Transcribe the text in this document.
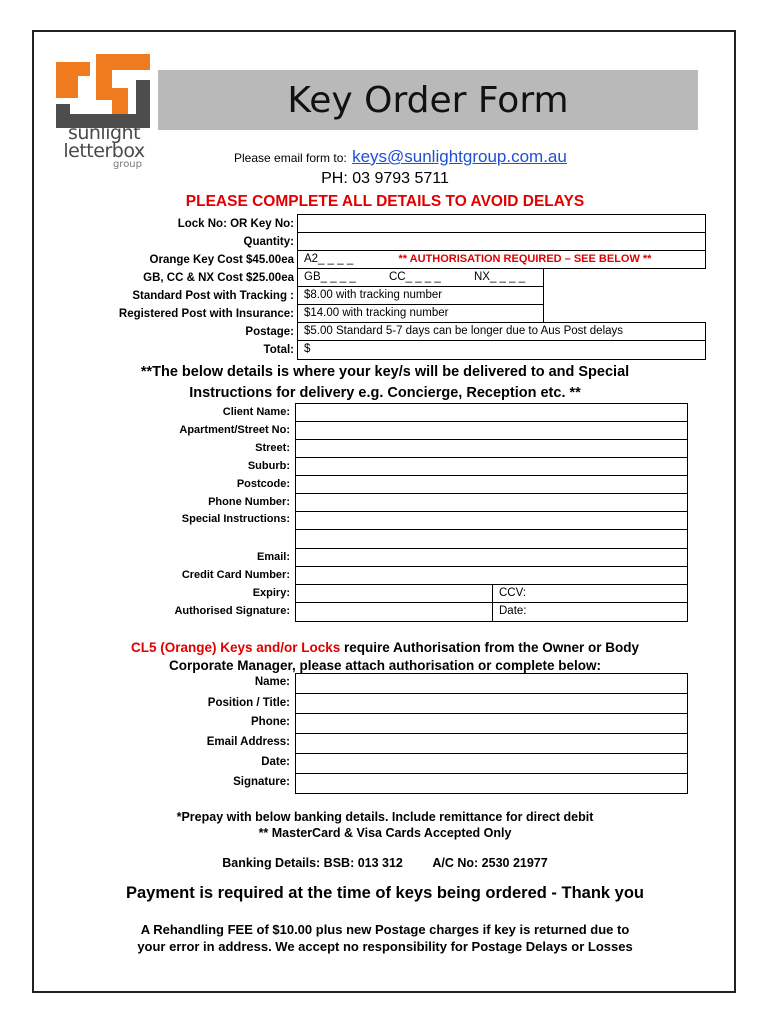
sunlight
letterbox
group
Key Order Form
Please email form to: keys@sunlightgroup.com.au
PH: 03 9793 5711
PLEASE COMPLETE ALL DETAILS TO AVOID DELAYS
Lock No: OR Key No:
Quantity:
Orange Key Cost $45.00ea A2_ _ _ _	** AUTHORISATION REQUIRED – SEE BELOW **
GB, CC & NX Cost $25.00ea GB_ _ _ _	CC_ _ _ _	NX_ _ _ _
Standard Post with Tracking : $8.00 with tracking number
Registered Post with Insurance: $14.00 with tracking number
Postage: $5.00 Standard 5-7 days can be longer due to Aus Post delays
Total: $
**The below details is where your key/s will be delivered to and Special
Instructions for delivery e.g. Concierge, Reception etc. **
Client Name:
Apartment/Street No:
Street:
Suburb:
Postcode:
Phone Number:
Special Instructions:
Email:
Credit Card Number:
Expiry:	CCV:
Authorised Signature:	Date:
CL5 (Orange) Keys and/or Locks require Authorisation from the Owner or Body
Corporate Manager, please attach authorisation or complete below:
Name:
Position / Title:
Phone:
Email Address:
Date:
Signature:
*Prepay with below banking details. Include remittance for direct debit
** MasterCard & Visa Cards Accepted Only
Banking Details: BSB: 013 312 A/C No: 2530 21977
Payment is required at the time of keys being ordered - Thank you
A Rehandling FEE of $10.00 plus new Postage charges if key is returned due to
your error in address. We accept no responsibility for Postage Delays or Losses
